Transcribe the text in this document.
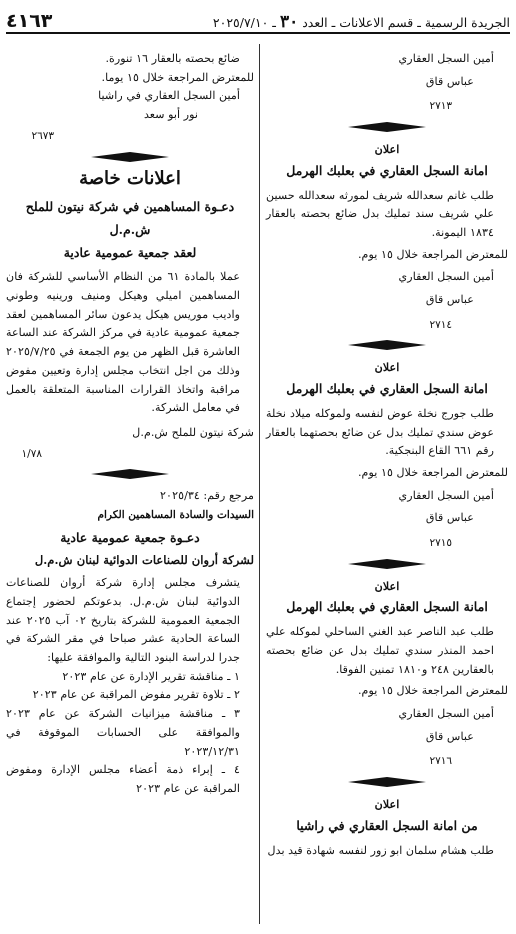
الجريدة الرسمية ـ قسم الاعلانات ـ العدد ٣٠ ـ ٢٠٢٥/٧/١٠
٤١٦٣

أمين السجل العقاري

عباس قاق

٢٧١٣

اعلان

امانة السجل العقاري في بعلبك الهرمل

طلب غانم سعدالله شريف لمورثه سعدالله حسين علي شريف سند تمليك بدل ضائع بحصته بالعقار ١٨٣٤ اليمونة.

للمعترض المراجعة خلال ١٥ يوم.

أمين السجل العقاري

عباس قاق

٢٧١٤

اعلان

امانة السجل العقاري في بعلبك الهرمل

طلب جورج نخلة عوض لنفسه ولموكله ميلاد نخلة عوض سندي تمليك بدل عن ضائع بحصتهما بالعقار رقم ٦٦١ القاع البنجكية.

للمعترض المراجعة خلال ١٥ يوم.

أمين السجل العقاري

عباس قاق

٢٧١٥

اعلان

امانة السجل العقاري في بعلبك الهرمل

طلب عبد الناصر عبد الغني الساحلي لموكله علي احمد المنذر سندي تمليك بدل عن ضائع بحصته بالعقارين ٢٤٨ و١٨١٠ تمنين الفوقا.

للمعترض المراجعة خلال ١٥ يوم.

أمين السجل العقاري

عباس قاق

٢٧١٦

اعلان

من امانة السجل العقاري في راشيا

طلب هشام سلمان ابو زور لنفسه شهادة قيد بدل

ضائع بحصته بالعقار ١٦ تنورة.

للمعترض المراجعة خلال ١٥ يوما.

أمين السجل العقاري في راشيا

نور أبو سعد

٢٦٧٣

اعلانات خاصة

دعـوة المساهمين في شركة نيتون للملح

ش.م.ل

لعقد جمعية عمومية عادية

عملا بالمادة ٦١ من النظام الأساسي للشركة فان المساهمين اميلي وهيكل ومنيف ورينيه وطوني واديب موريس هيكل يدعون سائر المساهمين لعقد جمعية عمومية عادية في مركز الشركة عند الساعة العاشرة قبل الظهر من يوم الجمعة في ٢٠٢٥/٧/٢٥ وذلك من اجل انتخاب مجلس إدارة وتعيين مفوض مراقبة واتخاذ القرارات المناسبة المتعلقة بالعمل في معامل الشركة.

شركة نيتون للملح ش.م.ل

١/٧٨

مرجع رقم: ٢٠٢٥/٣٤

السيدات والسادة المساهمين الكرام

دعـوة جمعية عمومية عادية

لشركة أروان للصناعات الدوائية لبنان ش.م.ل

يتشرف مجلس إدارة شركة أروان للصناعات الدوائية لبنان ش.م.ل. بدعوتكم لحضور إجتماع الجمعية العمومية للشركة بتاريخ ٠٢ آب ٢٠٢٥ عند الساعة الحادية عشر صباحا في مقر الشركة في جدرا لدراسة البنود التالية والموافقة عليها:

١ ـ مناقشة تقرير الإدارة عن عام ٢٠٢٣

٢ ـ تلاوة تقرير مفوض المراقبة عن عام ٢٠٢٣

٣ ـ مناقشة ميزانيات الشركة عن عام ٢٠٢٣ والموافقة على الحسابات الموقوفة في ٢٠٢٣/١٢/٣١

٤ ـ إبراء ذمة أعضاء مجلس الإدارة ومفوض المراقبة عن عام ٢٠٢٣
